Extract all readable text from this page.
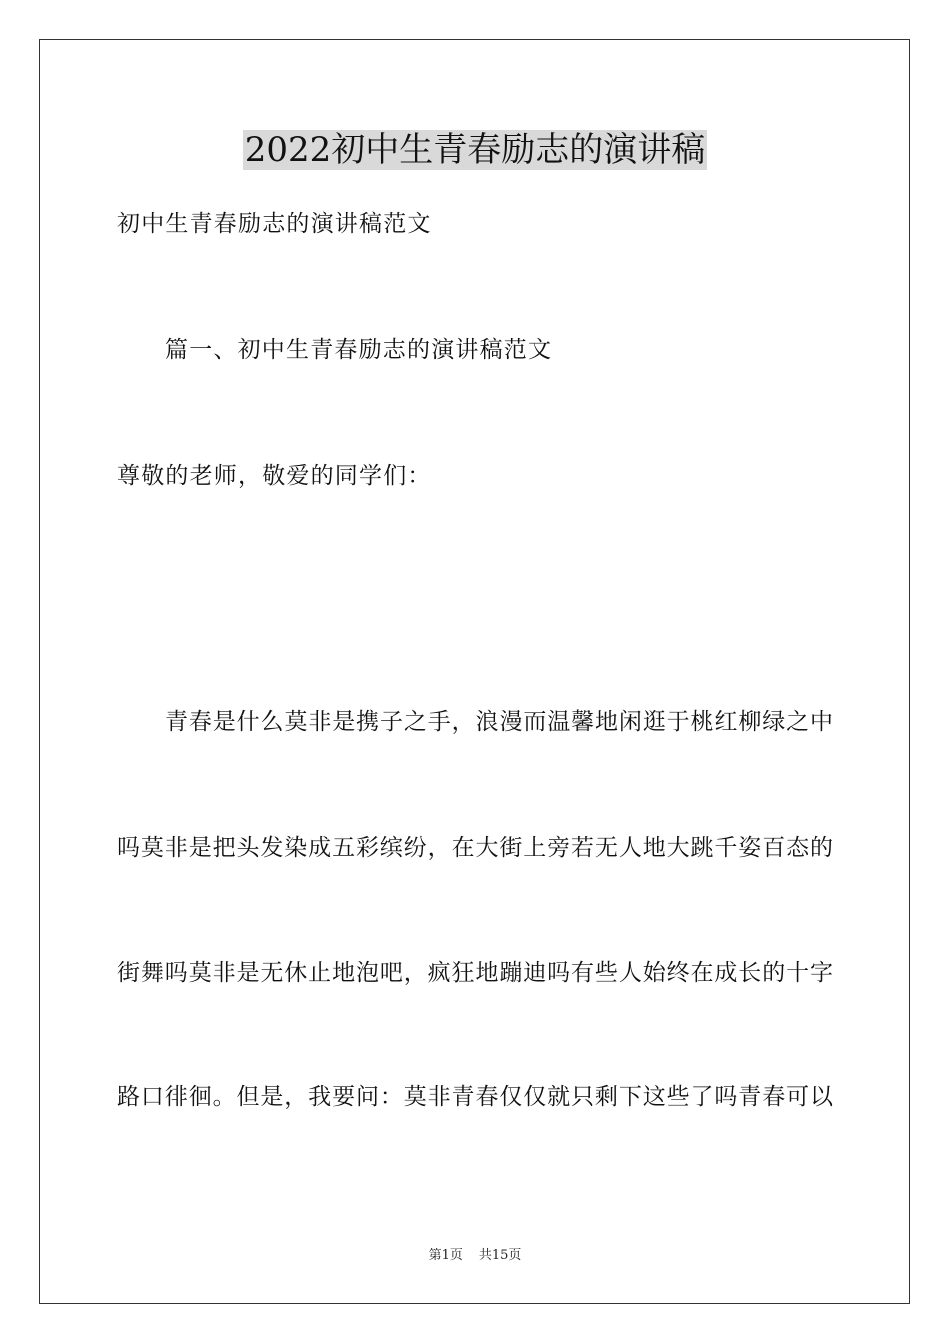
2022初中生青春励志的演讲稿
初中生青春励志的演讲稿范文
篇一、初中生青春励志的演讲稿范文
尊敬的老师，敬爱的同学们：
青春是什么莫非是携子之手，浪漫而温馨地闲逛于桃红柳绿之中
吗莫非是把头发染成五彩缤纷，在大街上旁若无人地大跳千姿百态的
街舞吗莫非是无休止地泡吧，疯狂地蹦迪吗有些人始终在成长的十字
路口徘徊。但是，我要问：莫非青春仅仅就只剩下这些了吗青春可以
第1页 共15页
